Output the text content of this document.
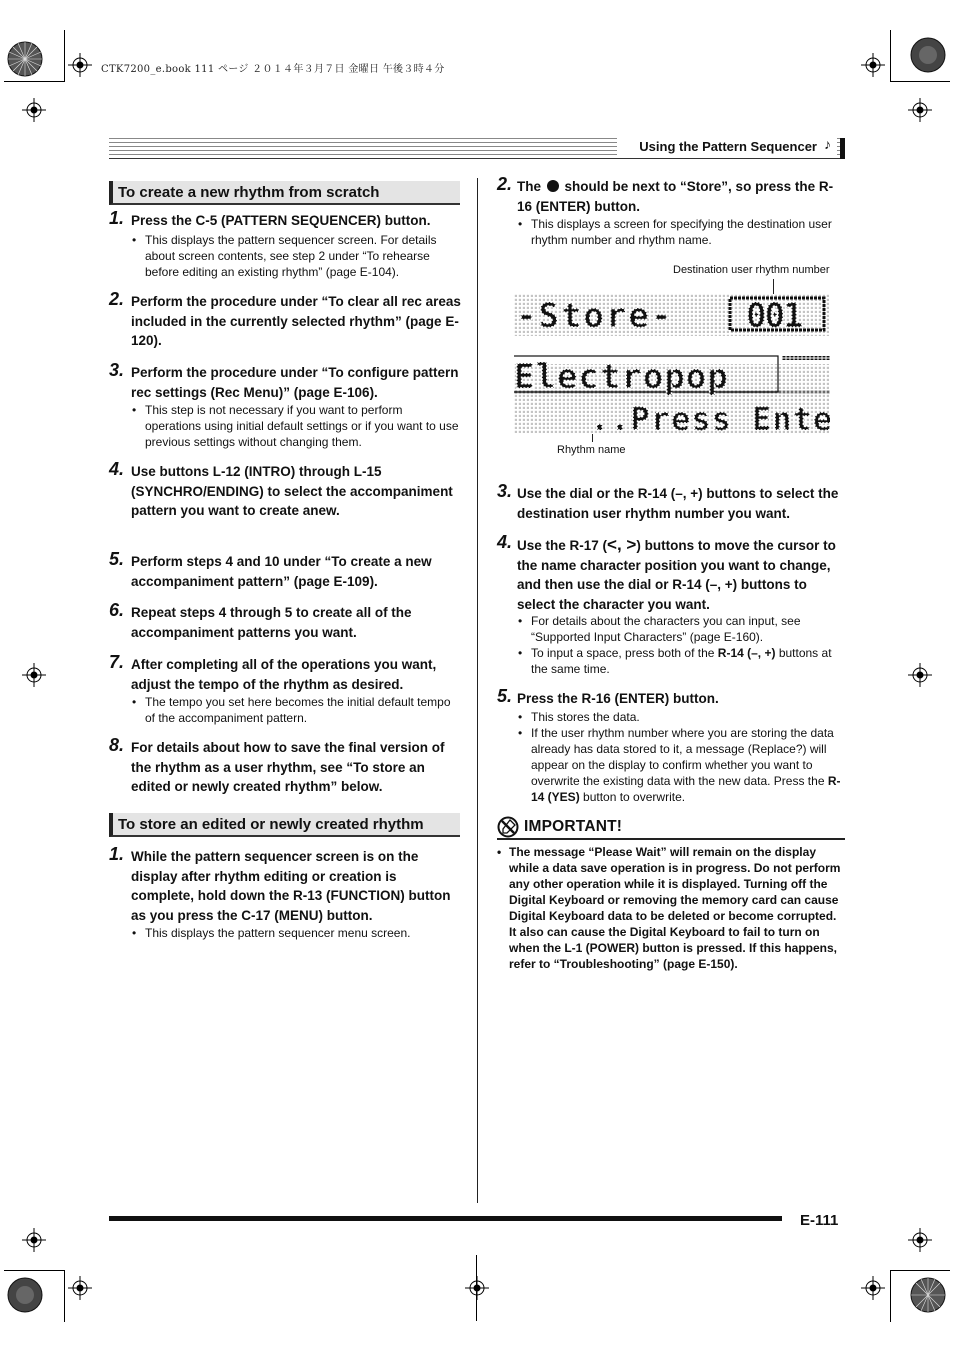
CTK7200_e.book 111 ページ ２０１４年３月７日 金曜日 午後３時４分
Using the Pattern Sequencer ♪
To create a new rhythm from scratch
1. Press the C-5 (PATTERN SEQUENCER) button.
• This displays the pattern sequencer screen. For details about screen contents, see step 2 under “To rehearse before editing an existing rhythm” (page E-104).
2. Perform the procedure under “To clear all rec areas included in the currently selected rhythm” (page E-120).
3. Perform the procedure under “To configure pattern rec settings (Rec Menu)” (page E-106).
• This step is not necessary if you want to perform operations using initial default settings or if you want to use previous settings without changing them.
4. Use buttons L-12 (INTRO) through L-15 (SYNCHRO/ENDING) to select the accompaniment pattern you want to create anew.
5. Perform steps 4 and 10 under “To create a new accompaniment pattern” (page E-109).
6. Repeat steps 4 through 5 to create all of the accompaniment patterns you want.
7. After completing all of the operations you want, adjust the tempo of the rhythm as desired.
• The tempo you set here becomes the initial default tempo of the accompaniment pattern.
8. For details about how to save the final version of the rhythm as a user rhythm, see “To store an edited or newly created rhythm” below.
To store an edited or newly created rhythm
1. While the pattern sequencer screen is on the display after rhythm editing or creation is complete, hold down the R-13 (FUNCTION) button as you press the C-17 (MENU) button.
• This displays the pattern sequencer menu screen.
2. The should be next to “Store”, so press the R-16 (ENTER) button.
• This displays a screen for specifying the destination user rhythm number and rhythm name.
Destination user rhythm number
Rhythm name
-Store- 001
Electropop
..Press Enter
3. Use the dial or the R-14 (–, +) buttons to select the destination user rhythm number you want.
4. Use the R-17 (<, >) buttons to move the cursor to the name character position you want to change, and then use the dial or R-14 (–, +) buttons to select the character you want.
• For details about the characters you can input, see “Supported Input Characters” (page E-160).
• To input a space, press both of the R-14 (–, +) buttons at the same time.
5. Press the R-16 (ENTER) button.
• This stores the data.
• If the user rhythm number where you are storing the data already has data stored to it, a message (Replace?) will appear on the display to confirm whether you want to overwrite the existing data with the new data. Press the R-14 (YES) button to overwrite.
IMPORTANT!
• The message “Please Wait” will remain on the display while a data save operation is in progress. Do not perform any other operation while it is displayed. Turning off the Digital Keyboard or removing the memory card can cause Digital Keyboard data to be deleted or become corrupted. It also can cause the Digital Keyboard to fail to turn on when the L-1 (POWER) button is pressed. If this happens, refer to “Troubleshooting” (page E-150).
E-111
